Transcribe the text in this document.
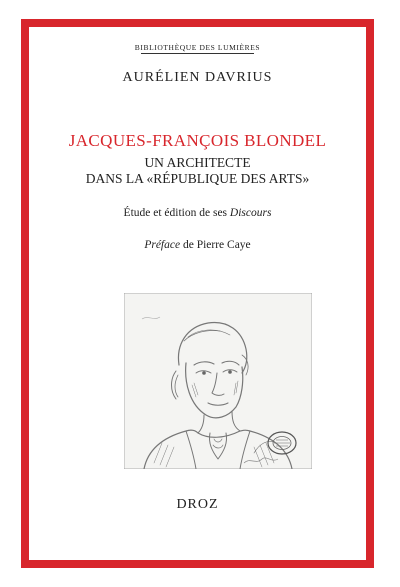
BIBLIOTHÈQUE DES LUMIÈRES
AURÉLIEN DAVRIUS
JACQUES-FRANÇOIS BLONDEL
UN ARCHITECTE
DANS LA «RÉPUBLIQUE DES ARTS»
Étude et édition de ses Discours
Préface de Pierre Caye
DROZ
